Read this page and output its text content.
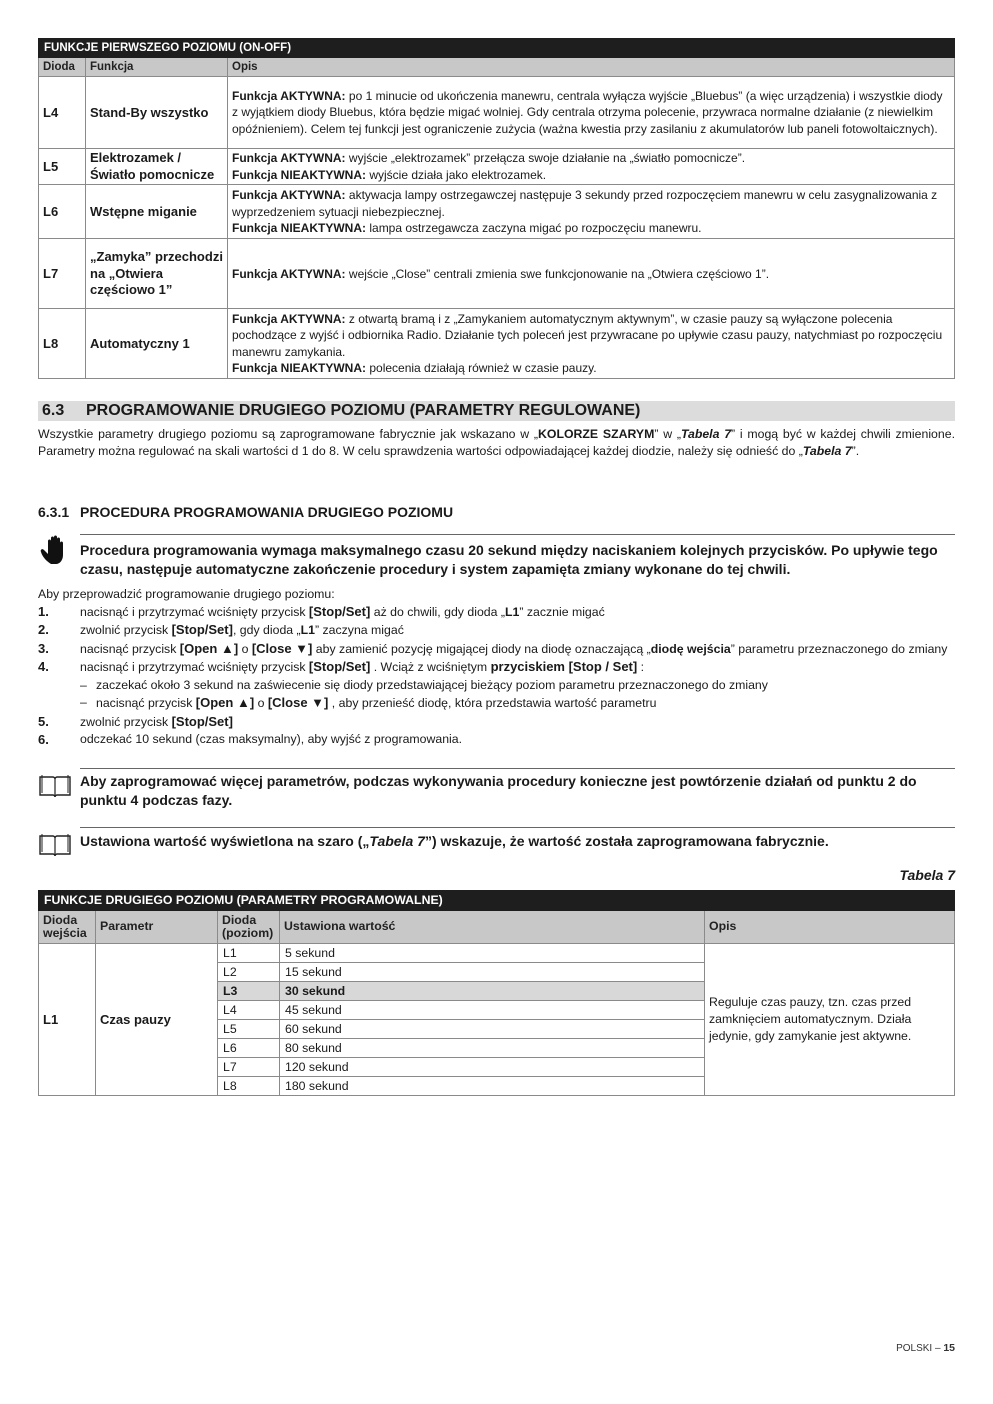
FUNKCJE PIERWSZEGO POZIOMU (ON-OFF)		
Dioda	Funkcja	Opis
L4	Stand-By wszystko	Funkcja AKTYWNA: po 1 minucie od ukończenia manewru, centrala wyłącza wyjście „Bluebus” (a więc urządzenia) i wszystkie diody z wyjątkiem diody Bluebus, która będzie migać wolniej. Gdy centrala otrzyma polecenie, przywraca normalne działanie (z niewielkim opóźnieniem). Celem tej funkcji jest ograniczenie zużycia (ważna kwestia przy zasilaniu z akumulatorów lub paneli fotowoltaicznych).
L5	Elektrozamek / Światło pomocnicze	Funkcja AKTYWNA: wyjście „elektrozamek” przełącza swoje działanie na „światło pomocnicze”.
Funkcja NIEAKTYWNA: wyjście działa jako elektrozamek.
L6	Wstępne miganie	Funkcja AKTYWNA: aktywacja lampy ostrzegawczej następuje 3 sekundy przed rozpoczęciem manewru w celu zasygnalizowania z wyprzedzeniem sytuacji niebezpiecznej.
Funkcja NIEAKTYWNA: lampa ostrzegawcza zaczyna migać po rozpoczęciu manewru.
L7	„Zamyka” przechodzi na „Otwiera częściowo 1”	Funkcja AKTYWNA: wejście „Close” centrali zmienia swe funkcjonowanie na „Otwiera częściowo 1”.
L8	Automatyczny 1	Funkcja AKTYWNA: z otwartą bramą i z „Zamykaniem automatycznym aktywnym”, w czasie pauzy są wyłączone polecenia pochodzące z wyjść i odbiornika Radio. Działanie tych poleceń jest przywracane po upływie czasu pauzy, natychmiast po rozpoczęciu manewru zamykania.
Funkcja NIEAKTYWNA: polecenia działają również w czasie pauzy.
6.3 PROGRAMOWANIE DRUGIEGO POZIOMU (PARAMETRY REGULOWANE)
Wszystkie parametry drugiego poziomu są zaprogramowane fabrycznie jak wskazano w „KOLORZE SZARYM” w „Tabela 7” i mogą być w każdej chwili zmienione. Parametry można regulować na skali wartości d 1 do 8. W celu sprawdzenia wartości odpowiadającej każdej diodzie, należy się odnieść do „Tabela 7”.
6.3.1 PROCEDURA PROGRAMOWANIA DRUGIEGO POZIOMU
Procedura programowania wymaga maksymalnego czasu 20 sekund między naciskaniem kolejnych przycisków. Po upływie tego czasu, następuje automatyczne zakończenie procedury i system zapamięta zmiany wykonane do tej chwili.
Aby przeprowadzić programowanie drugiego poziomu:
1.	nacisnąć i przytrzymać wciśnięty przycisk [Stop/Set] aż do chwili, gdy dioda „L1” zacznie migać
2.	zwolnić przycisk [Stop/Set], gdy dioda „L1” zaczyna migać
3.	nacisnąć przycisk [Open ▲] o [Close ▼] aby zamienić pozycję migającej diody na diodę oznaczającą „diodę wejścia” parametru przeznaczonego do zmiany
4.	nacisnąć i przytrzymać wciśnięty przycisk [Stop/Set] . Wciąż z wciśniętym przyciskiem [Stop / Set] :
– zaczekać około 3 sekund na zaświecenie się diody przedstawiającej bieżący poziom parametru przeznaczonego do zmiany
– nacisnąć przycisk [Open ▲] o [Close ▼] , aby przenieść diodę, która przedstawia wartość parametru
5.	zwolnić przycisk [Stop/Set]
6.	odczekać 10 sekund (czas maksymalny), aby wyjść z programowania.
Aby zaprogramować więcej parametrów, podczas wykonywania procedury konieczne jest powtórzenie działań od punktu 2 do punktu 4 podczas fazy.
Ustawiona wartość wyświetlona na szaro („Tabela 7”) wskazuje, że wartość została zaprogramowana fabrycznie.
Tabela 7
FUNKCJE DRUGIEGO POZIOMU (PARAMETRY PROGRAMOWALNE)				
Dioda wejścia	Parametr	Dioda (poziom)	Ustawiona wartość	Opis
L1	Czas pauzy	L1	5 sekund	Reguluje czas pauzy, tzn. czas przed zamknięciem automatycznym. Działa jedynie, gdy zamykanie jest aktywne.
		L2	15 sekund	
		L3	30 sekund	
		L4	45 sekund	
		L5	60 sekund	
		L6	80 sekund	
		L7	120 sekund	
		L8	180 sekund	
POLSKI – 15
